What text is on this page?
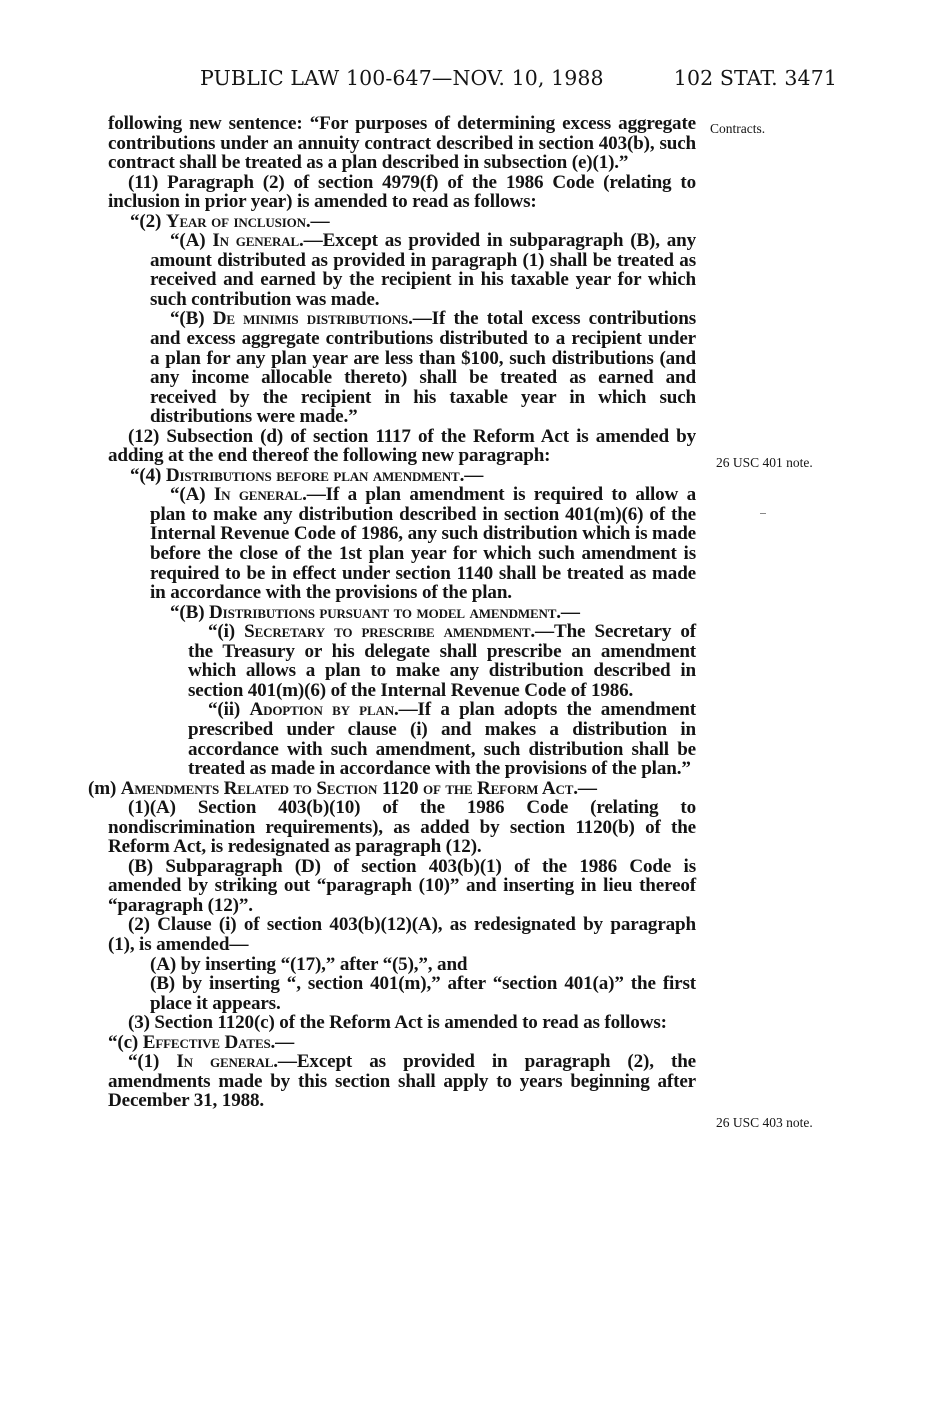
PUBLIC LAW 100-647—NOV. 10, 1988	102 STAT. 3471
Contracts.
26 USC 401 note.
26 USC 403 note.

following new sentence: “For purposes of determining excess aggregate contributions under an annuity contract described in section 403(b), such contract shall be treated as a plan described in subsection (e)(1).”

(11) Paragraph (2) of section 4979(f) of the 1986 Code (relating to inclusion in prior year) is amended to read as follows:

“(2) Year of inclusion.—

“(A) In general.—Except as provided in subparagraph (B), any amount distributed as provided in paragraph (1) shall be treated as received and earned by the recipient in his taxable year for which such contribution was made.

“(B) De minimis distributions.—If the total excess contributions and excess aggregate contributions distributed to a recipient under a plan for any plan year are less than $100, such distributions (and any income allocable thereto) shall be treated as earned and received by the recipient in his taxable year in which such distributions were made.”

(12) Subsection (d) of section 1117 of the Reform Act is amended by adding at the end thereof the following new paragraph:

“(4) Distributions before plan amendment.—

“(A) In general.—If a plan amendment is required to allow a plan to make any distribution described in section 401(m)(6) of the Internal Revenue Code of 1986, any such distribution which is made before the close of the 1st plan year for which such amendment is required to be in effect under section 1140 shall be treated as made in accordance with the provisions of the plan.

“(B) Distributions pursuant to model amendment.—

“(i) Secretary to prescribe amendment.—The Secretary of the Treasury or his delegate shall prescribe an amendment which allows a plan to make any distribution described in section 401(m)(6) of the Internal Revenue Code of 1986.

“(ii) Adoption by plan.—If a plan adopts the amendment prescribed under clause (i) and makes a distribution in accordance with such amendment, such distribution shall be treated as made in accordance with the provisions of the plan.”

(m) Amendments Related to Section 1120 of the Reform Act.—

(1)(A) Section 403(b)(10) of the 1986 Code (relating to nondiscrimination requirements), as added by section 1120(b) of the Reform Act, is redesignated as paragraph (12).

(B) Subparagraph (D) of section 403(b)(1) of the 1986 Code is amended by striking out “paragraph (10)” and inserting in lieu thereof “paragraph (12)”.

(2) Clause (i) of section 403(b)(12)(A), as redesignated by paragraph (1), is amended—

(A) by inserting “(17),” after “(5),”, and

(B) by inserting “, section 401(m),” after “section 401(a)” the first place it appears.

(3) Section 1120(c) of the Reform Act is amended to read as follows:

“(c) Effective Dates.—

“(1) In general.—Except as provided in paragraph (2), the amendments made by this section shall apply to years beginning after December 31, 1988.
